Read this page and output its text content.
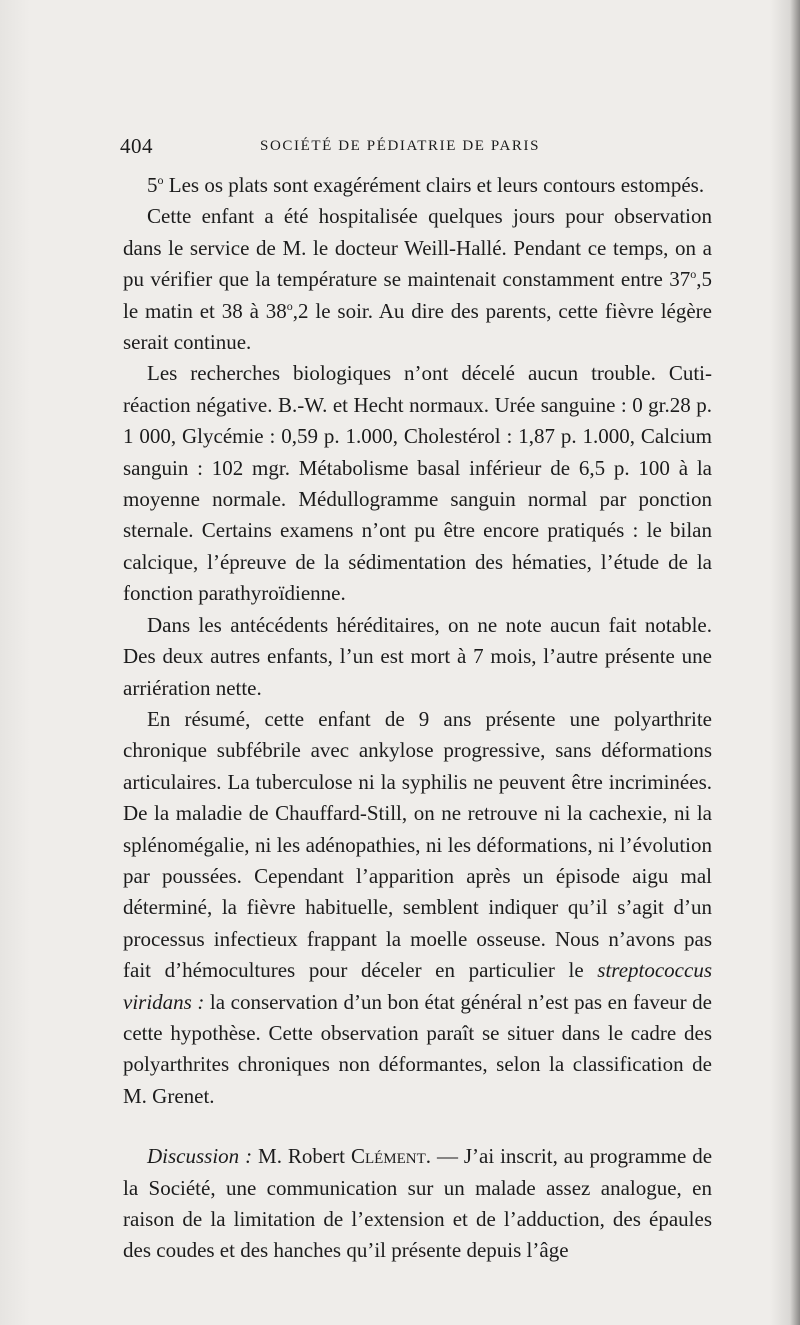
404	SOCIÉTÉ DE PÉDIATRIE DE PARIS

5$^o$ Les os plats sont exagérément clairs et leurs contours estompés.

Cette enfant a été hospitalisée quelques jours pour observation dans le service de M. le docteur Weill-Hallé. Pendant ce temps, on a pu vérifier que la température se maintenait constamment entre 37$^o$,5 le matin et 38 à 38$^o$,2 le soir. Au dire des parents, cette fièvre légère serait continue.

Les recherches biologiques n’ont décelé aucun trouble. Cuti-réaction négative. B.-W. et Hecht normaux. Urée sanguine : 0 gr.28 p. 1 000, Glycémie : 0,59 p. 1.000, Cholestérol : 1,87 p. 1.000, Calcium sanguin : 102 mgr. Métabolisme basal inférieur de 6,5 p. 100 à la moyenne normale. Médullogramme sanguin normal par ponction sternale. Certains examens n’ont pu être encore pratiqués : le bilan calcique, l’épreuve de la sédimentation des hématies, l’étude de la fonction parathyroïdienne.

Dans les antécédents héréditaires, on ne note aucun fait notable. Des deux autres enfants, l’un est mort à 7 mois, l’autre présente une arriération nette.

En résumé, cette enfant de 9 ans présente une polyarthrite chronique subfébrile avec ankylose progressive, sans déformations articulaires. La tuberculose ni la syphilis ne peuvent être incriminées. De la maladie de Chauffard-Still, on ne retrouve ni la cachexie, ni la splénomégalie, ni les adénopathies, ni les déformations, ni l’évolution par poussées. Cependant l’apparition après un épisode aigu mal déterminé, la fièvre habituelle, semblent indiquer qu’il s’agit d’un processus infectieux frappant la moelle osseuse. Nous n’avons pas fait d’hémocultures pour déceler en particulier le streptococcus viridans : la conservation d’un bon état général n’est pas en faveur de cette hypothèse. Cette observation paraît se situer dans le cadre des polyarthrites chroniques non déformantes, selon la classification de M. Grenet.

Discussion : M. Robert Clément. — J’ai inscrit, au programme de la Société, une communication sur un malade assez analogue, en raison de la limitation de l’extension et de l’adduction, des épaules des coudes et des hanches qu’il présente depuis l’âge
